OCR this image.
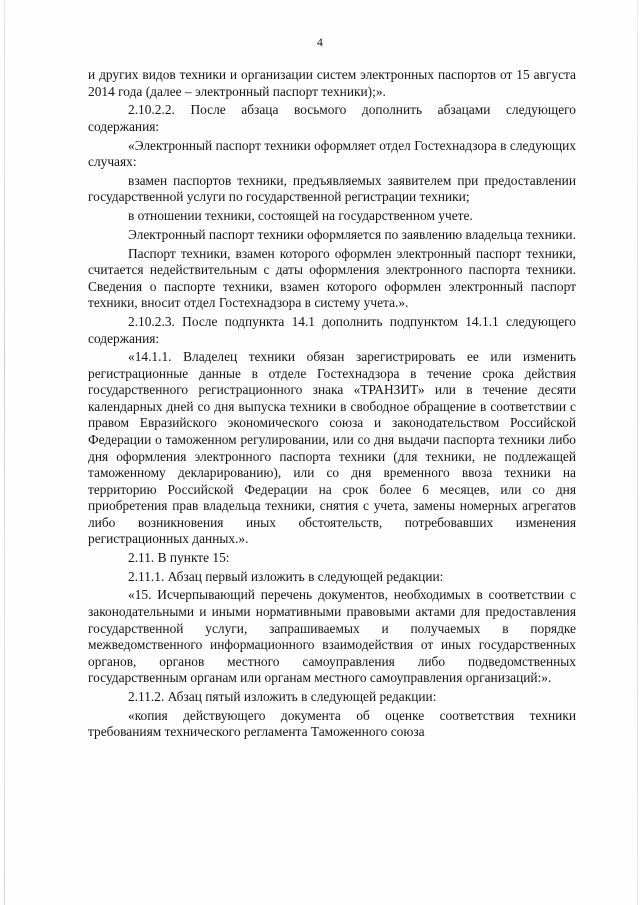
4

и других видов техники и организации систем электронных паспортов от 15 августа 2014 года (далее – электронный паспорт техники);».

2.10.2.2. После абзаца восьмого дополнить абзацами следующего содержания:

«Электронный паспорт техники оформляет отдел Гостехнадзора в следующих случаях:

взамен паспортов техники, предъявляемых заявителем при предоставлении государственной услуги по государственной регистрации техники;

в отношении техники, состоящей на государственном учете.

Электронный паспорт техники оформляется по заявлению владельца техники.

Паспорт техники, взамен которого оформлен электронный паспорт техники, считается недействительным с даты оформления электронного паспорта техники. Сведения о паспорте техники, взамен которого оформлен электронный паспорт техники, вносит отдел Гостехнадзора в систему учета.».

2.10.2.3. После подпункта 14.1 дополнить подпунктом 14.1.1 следующего содержания:

«14.1.1. Владелец техники обязан зарегистрировать ее или изменить регистрационные данные в отделе Гостехнадзора в течение срока действия государственного регистрационного знака «ТРАНЗИТ» или в течение десяти календарных дней со дня выпуска техники в свободное обращение в соответствии с правом Евразийского экономического союза и законодательством Российской Федерации о таможенном регулировании, или со дня выдачи паспорта техники либо дня оформления электронного паспорта техники (для техники, не подлежащей таможенному декларированию), или со дня временного ввоза техники на территорию Российской Федерации на срок более 6 месяцев, или со дня приобретения прав владельца техники, снятия с учета, замены номерных агрегатов либо возникновения иных обстоятельств, потребовавших изменения регистрационных данных.».

2.11. В пункте 15:

2.11.1. Абзац первый изложить в следующей редакции:

«15. Исчерпывающий перечень документов, необходимых в соответствии с законодательными и иными нормативными правовыми актами для предоставления государственной услуги, запрашиваемых и получаемых в порядке межведомственного информационного взаимодействия от иных государственных органов, органов местного самоуправления либо подведомственных государственным органам или органам местного самоуправления организаций:».

2.11.2. Абзац пятый изложить в следующей редакции:

«копия действующего документа об оценке соответствия техники требованиям технического регламента Таможенного союза
